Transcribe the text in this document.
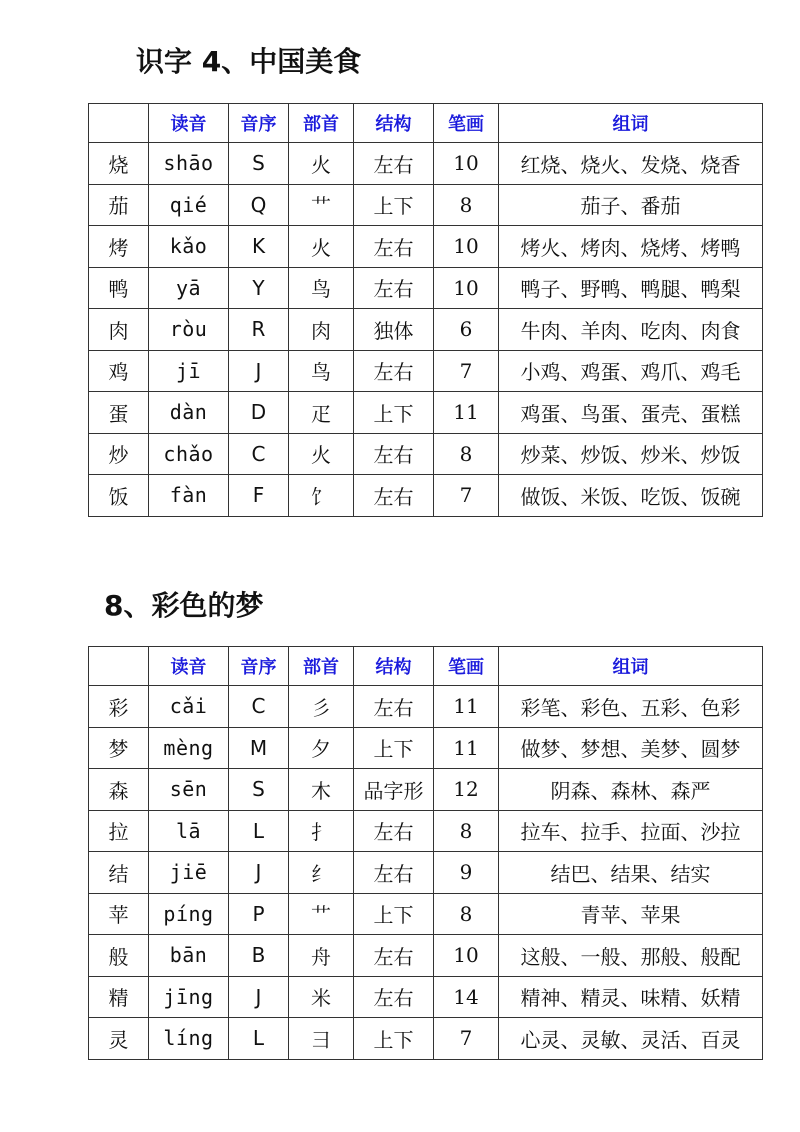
识字 4、中国美食
	读音	音序	部首	结构	笔画	组词
烧	shāo	S	火	左右	10	红烧、烧火、发烧、烧香
茄	qié	Q	艹	上下	8	茄子、番茄
烤	kǎo	K	火	左右	10	烤火、烤肉、烧烤、烤鸭
鸭	yā	Y	鸟	左右	10	鸭子、野鸭、鸭腿、鸭梨
肉	ròu	R	肉	独体	6	牛肉、羊肉、吃肉、肉食
鸡	jī	J	鸟	左右	7	小鸡、鸡蛋、鸡爪、鸡毛
蛋	dàn	D	疋	上下	11	鸡蛋、鸟蛋、蛋壳、蛋糕
炒	chǎo	C	火	左右	8	炒菜、炒饭、炒米、炒饭
饭	fàn	F	饣	左右	7	做饭、米饭、吃饭、饭碗
8、彩色的梦
	读音	音序	部首	结构	笔画	组词
彩	cǎi	C	彡	左右	11	彩笔、彩色、五彩、色彩
梦	mèng	M	夕	上下	11	做梦、梦想、美梦、圆梦
森	sēn	S	木	品字形	12	阴森、森林、森严
拉	lā	L	扌	左右	8	拉车、拉手、拉面、沙拉
结	jiē	J	纟	左右	9	结巴、结果、结实
苹	píng	P	艹	上下	8	青苹、苹果
般	bān	B	舟	左右	10	这般、一般、那般、般配
精	jīng	J	米	左右	14	精神、精灵、味精、妖精
灵	líng	L	彐	上下	7	心灵、灵敏、灵活、百灵
